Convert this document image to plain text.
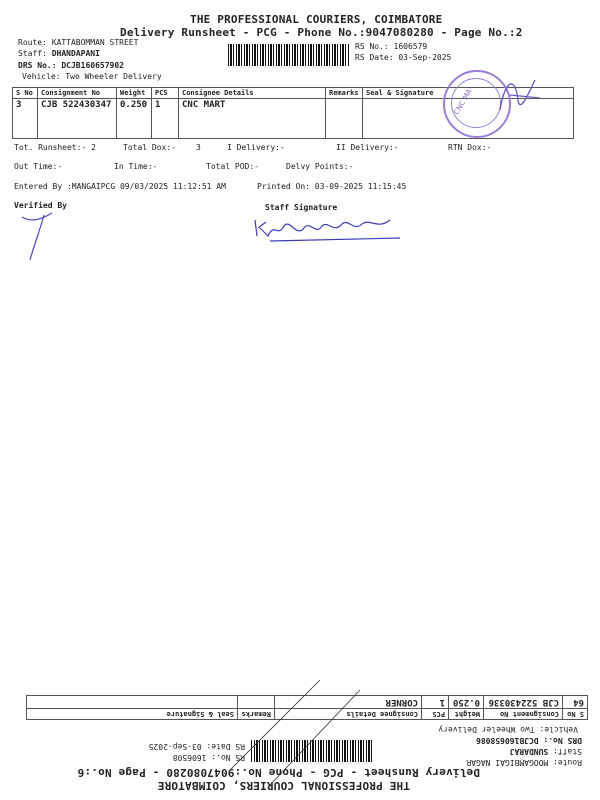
THE PROFESSIONAL COURIERS, COIMBATORE
Delivery Runsheet - PCG - Phone No.:9047080280 - Page No.:2
Route: KATTABOMMAN STREET
Staff: DHANDAPANI
DRS No.: DCJB160657902
Vehicle: Two Wheeler Delivery
RS No.: 1606579
RS Date: 03-Sep-2025
S No	Consignment No	Weight	PCS	Consignee Details	Remarks	Seal & Signature
3	CJB 522430347	0.250	1	CNC MART			CNC MA
Tot. Runsheet:- 2	Total Dox:-	3	I Delivery:-	II Delivery:-	RTN Dox:-
Out Time:-	In Time:-	Total POD:-	Delvy Points:-
Entered By :MANGAIPCG 09/03/2025 11:12:51 AM	Printed On: 03-09-2025 11:15:45
Verified By	Staff Signature
THE PROFESSIONAL COURIERS, COIMBATORE
Delivery Runsheet - PCG - Phone No.:9047080280 - Page No.:6
Route: MOOGAMBIGAI NAGAR
Staff: SUNDARAJ
DRS No.: DCJB160658086
Vehicle: Two Wheeler Delivery
RS No.: 1606508
RS Date: 03-Sep-2025
S No	Consignment No	Weight	PCS	Consignee Details	Remarks	Seal & Signature
64	CJB 522430336	0.250	1	CORNER		
